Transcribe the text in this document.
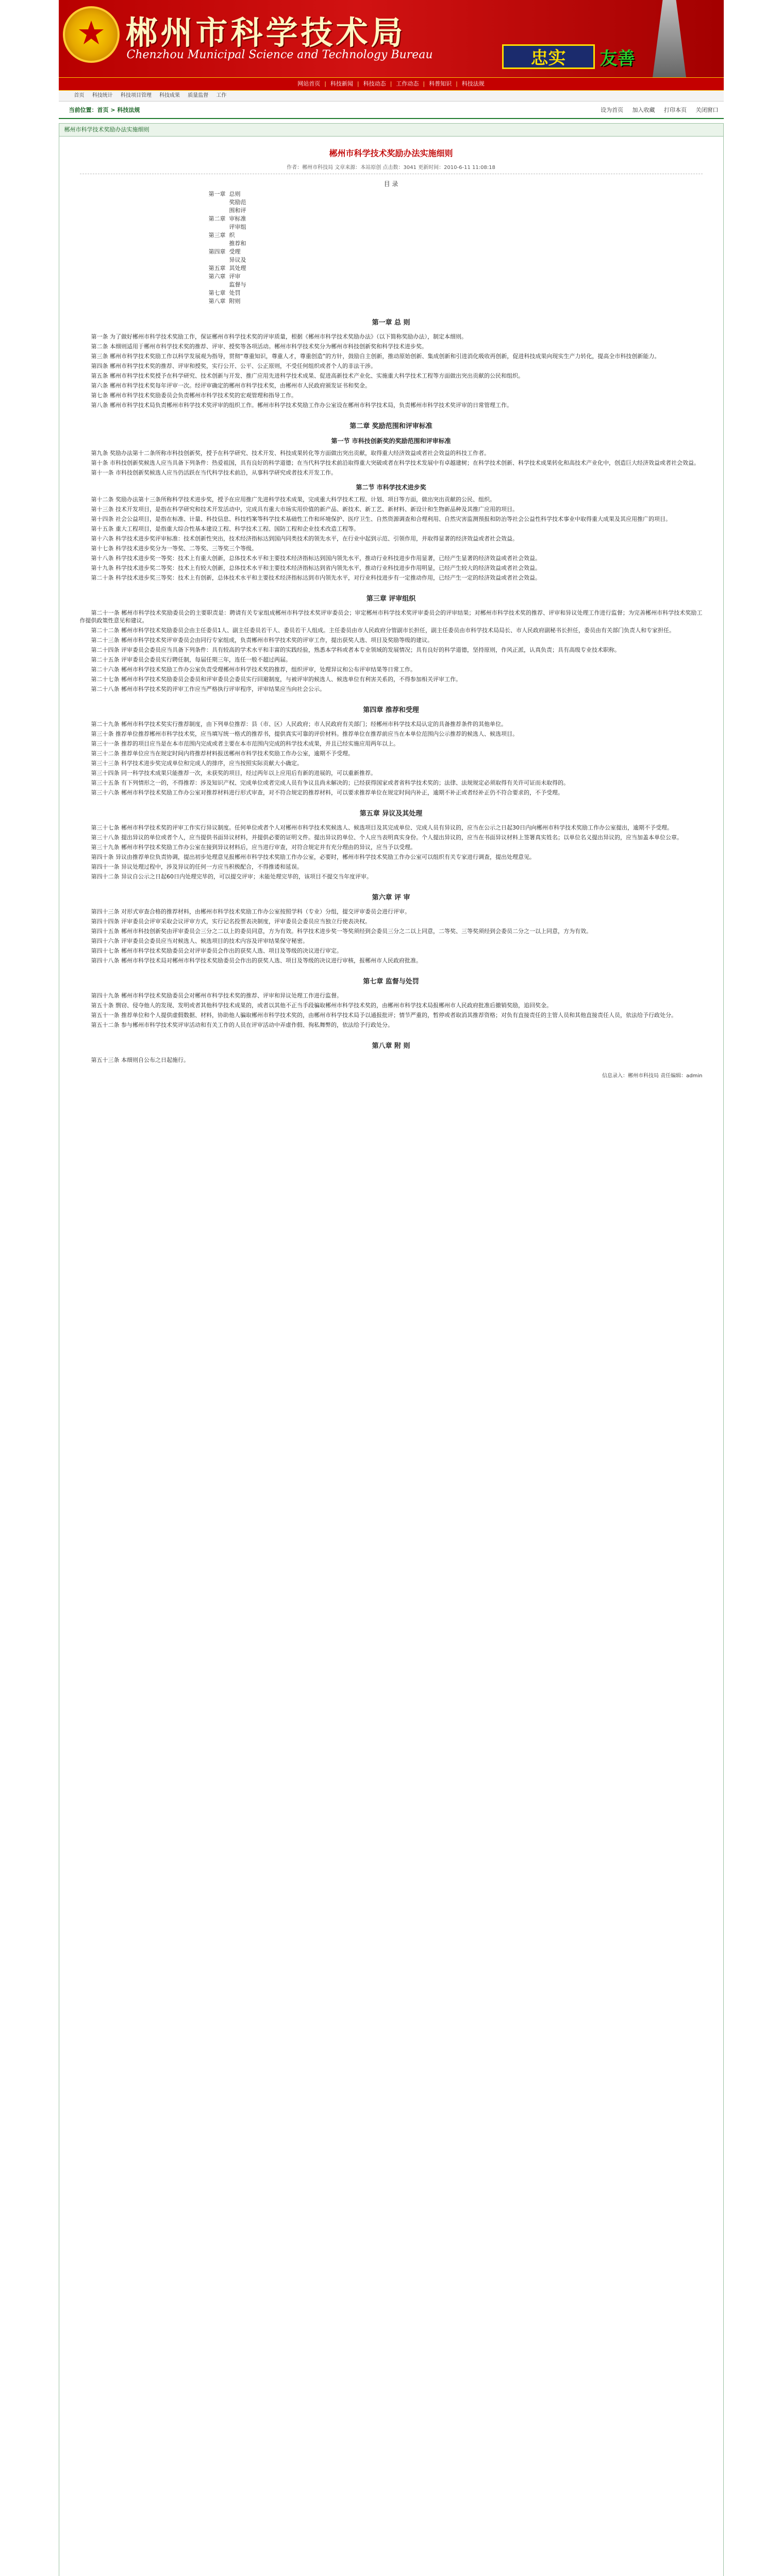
郴州市科学技术局
Chenzhou Municipal Science and Technology Bureau	忠实	友善
网站首页 | 科技新闻 | 科技动态 | 工作动态 | 科普知识 | 科技法规
首页 科技统计 科技项目管理 科技成果 质量监督 工作
当前位置：首页 > 科技法规	设为首页 加入收藏 打印本页 关闭窗口
郴州市科学技术奖励办法实施细则
郴州市科学技术奖励办法实施细则
作者：郴州市科技局 文章来源：本站原创 点击数：3041 更新时间：2010-6-11 11:08:18
目 录
第一章 总则
第二章奖励范围和评审标准
第三章评审组织
第四章推荐和受理
第五章异议及其处理
第六章 评审
第七章监督与处罚
第八章 附则
第一章 总 则

第一条 为了做好郴州市科学技术奖励工作，保证郴州市科学技术奖的评审质量，根据《郴州市科学技术奖励办法》（以下简称奖励办法），制定本细则。

第二条 本细则适用于郴州市科学技术奖的推荐、评审、授奖等各项活动。郴州市科学技术奖分为郴州市科技创新奖和科学技术进步奖。

第三条 郴州市科学技术奖励工作以科学发展观为指导，贯彻“尊重知识，尊重人才，尊重创造”的方针，鼓励自主创新，推动原始创新、集成创新和引进消化吸收再创新，促进科技成果向现实生产力转化，提高全市科技创新能力。

第四条 郴州市科学技术奖的推荐、评审和授奖，实行公开、公平、公正原则，不受任何组织或者个人的非法干涉。

第五条 郴州市科学技术奖授予在科学研究、技术创新与开发、推广应用先进科学技术成果、促进高新技术产业化、实施重大科学技术工程等方面做出突出贡献的公民和组织。

第六条 郴州市科学技术奖每年评审一次。经评审确定的郴州市科学技术奖，由郴州市人民政府颁发证书和奖金。

第七条 郴州市科学技术奖励委员会负责郴州市科学技术奖的宏观管理和指导工作。

第八条 郴州市科学技术局负责郴州市科学技术奖评审的组织工作。郴州市科学技术奖励工作办公室设在郴州市科学技术局，负责郴州市科学技术奖评审的日常管理工作。

第二章 奖励范围和评审标准
第一节 市科技创新奖的奖励范围和评审标准

第九条 奖励办法第十二条所称市科技创新奖，授予在科学研究、技术开发、科技成果转化等方面做出突出贡献，取得重大经济效益或者社会效益的科技工作者。

第十条 市科技创新奖候选人应当具备下列条件：热爱祖国，具有良好的科学道德；在当代科学技术前沿取得重大突破或者在科学技术发展中有卓越建树；在科学技术创新、科学技术成果转化和高技术产业化中，创造巨大经济效益或者社会效益。

第十一条 市科技创新奖候选人应当仍活跃在当代科学技术前沿，从事科学研究或者技术开发工作。

第二节 市科学技术进步奖

第十二条 奖励办法第十三条所称科学技术进步奖，授予在应用推广先进科学技术成果，完成重大科学技术工程、计划、项目等方面，做出突出贡献的公民、组织。

第十三条 技术开发项目，是指在科学研究和技术开发活动中，完成具有重大市场实用价值的新产品、新技术、新工艺、新材料、新设计和生物新品种及其推广应用的项目。

第十四条 社会公益项目，是指在标准、计量、科技信息、科技档案等科学技术基础性工作和环境保护、医疗卫生、自然资源调查和合理利用、自然灾害监测预报和防治等社会公益性科学技术事业中取得重大成果及其应用推广的项目。

第十五条 重大工程项目，是指重大综合性基本建设工程、科学技术工程、国防工程和企业技术改造工程等。

第十六条 科学技术进步奖评审标准：技术创新性突出，技术经济指标达到国内同类技术的领先水平，在行业中起到示范、引领作用，并取得显著的经济效益或者社会效益。

第十七条 科学技术进步奖分为一等奖、二等奖、三等奖三个等级。

第十八条 科学技术进步奖一等奖：技术上有重大创新，总体技术水平和主要技术经济指标达到国内领先水平，推动行业科技进步作用显著，已经产生显著的经济效益或者社会效益。

第十九条 科学技术进步奖二等奖：技术上有较大创新，总体技术水平和主要技术经济指标达到省内领先水平，推动行业科技进步作用明显，已经产生较大的经济效益或者社会效益。

第二十条 科学技术进步奖三等奖：技术上有创新，总体技术水平和主要技术经济指标达到市内领先水平，对行业科技进步有一定推动作用，已经产生一定的经济效益或者社会效益。

第三章 评审组织

第二十一条 郴州市科学技术奖励委员会的主要职责是：聘请有关专家组成郴州市科学技术奖评审委员会；审定郴州市科学技术奖评审委员会的评审结果；对郴州市科学技术奖的推荐、评审和异议处理工作进行监督；为完善郴州市科学技术奖励工作提供政策性意见和建议。

第二十二条 郴州市科学技术奖励委员会由主任委员1人、副主任委员若干人、委员若干人组成。主任委员由市人民政府分管副市长担任，副主任委员由市科学技术局局长、市人民政府副秘书长担任，委员由有关部门负责人和专家担任。

第二十三条 郴州市科学技术奖评审委员会由同行专家组成，负责郴州市科学技术奖的评审工作，提出获奖人选、项目及奖励等级的建议。

第二十四条 评审委员会委员应当具备下列条件：具有较高的学术水平和丰富的实践经验，熟悉本学科或者本专业领域的发展情况；具有良好的科学道德，坚持原则，作风正派，认真负责；具有高级专业技术职称。

第二十五条 评审委员会委员实行聘任制，每届任期三年，连任一般不超过两届。

第二十六条 郴州市科学技术奖励工作办公室负责受理郴州市科学技术奖的推荐，组织评审，处理异议和公布评审结果等日常工作。

第二十七条 郴州市科学技术奖励委员会委员和评审委员会委员实行回避制度，与被评审的候选人、候选单位有利害关系的，不得参加相关评审工作。

第二十八条 郴州市科学技术奖的评审工作应当严格执行评审程序，评审结果应当向社会公示。

第四章 推荐和受理

第二十九条 郴州市科学技术奖实行推荐制度，由下列单位推荐：县（市、区）人民政府；市人民政府有关部门；经郴州市科学技术局认定的具备推荐条件的其他单位。

第三十条 推荐单位推荐郴州市科学技术奖，应当填写统一格式的推荐书，提供真实可靠的评价材料。推荐单位在推荐前应当在本单位范围内公示推荐的候选人、候选项目。

第三十一条 推荐的项目应当是在本市范围内完成或者主要在本市范围内完成的科学技术成果，并且已经实施应用两年以上。

第三十二条 推荐单位应当在规定时间内将推荐材料报送郴州市科学技术奖励工作办公室，逾期不予受理。

第三十三条 科学技术进步奖完成单位和完成人的排序，应当按照实际贡献大小确定。

第三十四条 同一科学技术成果只能推荐一次，未获奖的项目，经过两年以上应用后有新的进展的，可以重新推荐。

第三十五条 有下列情形之一的，不得推荐：涉及知识产权、完成单位或者完成人员有争议且尚未解决的；已经获得国家或者省科学技术奖的；法律、法规规定必须取得有关许可证而未取得的。

第三十六条 郴州市科学技术奖励工作办公室对推荐材料进行形式审查，对不符合规定的推荐材料，可以要求推荐单位在规定时间内补正，逾期不补正或者经补正仍不符合要求的，不予受理。

第五章 异议及其处理

第三十七条 郴州市科学技术奖的评审工作实行异议制度。任何单位或者个人对郴州市科学技术奖候选人、候选项目及其完成单位、完成人员有异议的，应当在公示之日起30日内向郴州市科学技术奖励工作办公室提出，逾期不予受理。

第三十八条 提出异议的单位或者个人，应当提供书面异议材料，并提供必要的证明文件。提出异议的单位、个人应当表明真实身份。个人提出异议的，应当在书面异议材料上签署真实姓名；以单位名义提出异议的，应当加盖本单位公章。

第三十九条 郴州市科学技术奖励工作办公室在接到异议材料后，应当进行审查，对符合规定并有充分理由的异议，应当予以受理。

第四十条 异议由推荐单位负责协调，提出初步处理意见报郴州市科学技术奖励工作办公室，必要时，郴州市科学技术奖励工作办公室可以组织有关专家进行调查，提出处理意见。

第四十一条 异议处理过程中，涉及异议的任何一方应当积极配合，不得推诿和延误。

第四十二条 异议自公示之日起60日内处理完毕的，可以提交评审；未能处理完毕的，该项目不提交当年度评审。

第六章 评 审

第四十三条 对形式审查合格的推荐材料，由郴州市科学技术奖励工作办公室按照学科（专业）分组，提交评审委员会进行评审。

第四十四条 评审委员会评审采取会议评审方式，实行记名投票表决制度，评审委员会委员应当独立行使表决权。

第四十五条 郴州市科技创新奖由评审委员会三分之二以上的委员同意，方为有效。科学技术进步奖一等奖须经到会委员三分之二以上同意，二等奖、三等奖须经到会委员二分之一以上同意，方为有效。

第四十六条 评审委员会委员应当对候选人、候选项目的技术内容及评审结果保守秘密。

第四十七条 郴州市科学技术奖励委员会对评审委员会作出的获奖人选、项目及等级的决议进行审定。

第四十八条 郴州市科学技术局对郴州市科学技术奖励委员会作出的获奖人选、项目及等级的决议进行审核，报郴州市人民政府批准。

第七章 监督与处罚

第四十九条 郴州市科学技术奖励委员会对郴州市科学技术奖的推荐、评审和异议处理工作进行监督。

第五十条 剽窃、侵夺他人的发现、发明或者其他科学技术成果的，或者以其他不正当手段骗取郴州市科学技术奖的，由郴州市科学技术局报郴州市人民政府批准后撤销奖励，追回奖金。

第五十一条 推荐单位和个人提供虚假数据、材料，协助他人骗取郴州市科学技术奖的，由郴州市科学技术局予以通报批评；情节严重的，暂停或者取消其推荐资格；对负有直接责任的主管人员和其他直接责任人员，依法给予行政处分。

第五十二条 参与郴州市科学技术奖评审活动和有关工作的人员在评审活动中弄虚作假、徇私舞弊的，依法给予行政处分。

第八章 附 则

第五十三条 本细则自公布之日起施行。

信息录入：郴州市科技局 责任编辑：admin
